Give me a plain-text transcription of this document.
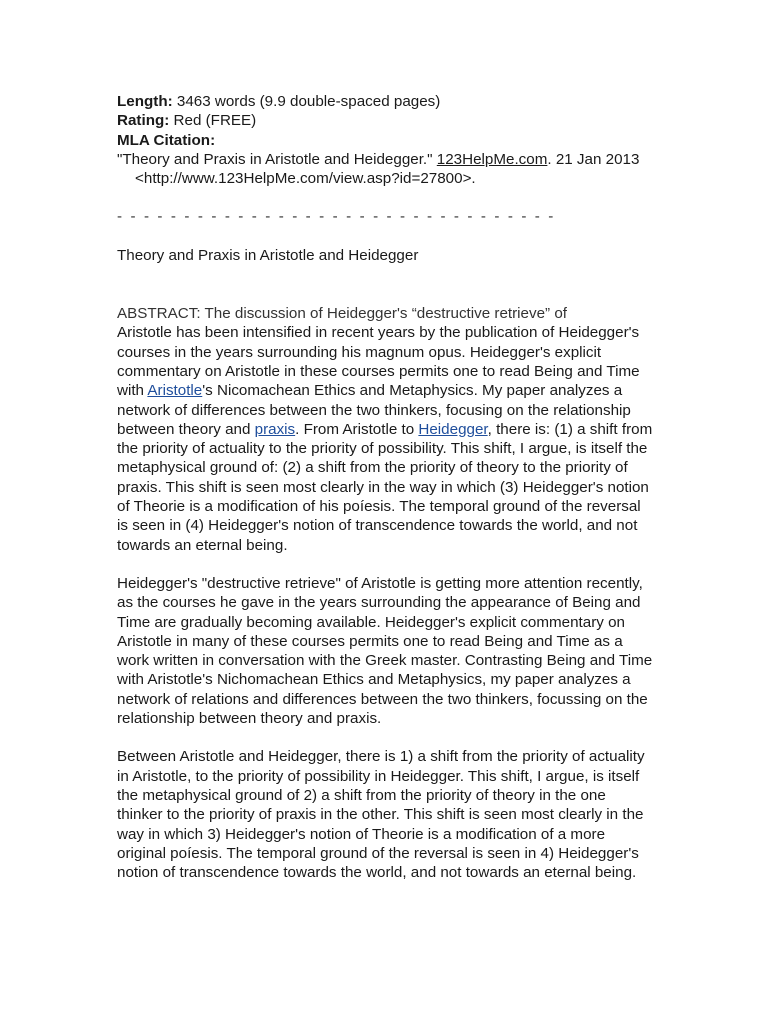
Length: 3463 words (9.9 double-spaced pages)

Rating: Red (FREE)

MLA Citation:

"Theory and Praxis in Aristotle and Heidegger." 123HelpMe.com. 21 Jan 2013

<http://www.123HelpMe.com/view.asp?id=27800>.

- - - - - - - - - - - - - - - - - - - - - - - - - - - - - - - - -

Theory and Praxis in Aristotle and Heidegger

ABSTRACT: The discussion of Heidegger's “destructive retrieve” of
Aristotle has been intensified in recent years by the publication of Heidegger's courses in the years surrounding his magnum opus. Heidegger's explicit commentary on Aristotle in these courses permits one to read Being and Time with Aristotle's Nicomachean Ethics and Metaphysics. My paper analyzes a network of differences between the two thinkers, focusing on the relationship between theory and praxis. From Aristotle to Heidegger, there is: (1) a shift from the priority of actuality to the priority of possibility. This shift, I argue, is itself the metaphysical ground of: (2) a shift from the priority of theory to the priority of praxis. This shift is seen most clearly in the way in which (3) Heidegger's notion of Theorie is a modification of his poíesis. The temporal ground of the reversal is seen in (4) Heidegger's notion of transcendence towards the world, and not towards an eternal being.

Heidegger's "destructive retrieve" of Aristotle is getting more attention recently, as the courses he gave in the years surrounding the appearance of Being and Time are gradually becoming available. Heidegger's explicit commentary on Aristotle in many of these courses permits one to read Being and Time as a work written in conversation with the Greek master. Contrasting Being and Time with Aristotle's Nichomachean Ethics and Metaphysics, my paper analyzes a network of relations and differences between the two thinkers, focussing on the relationship between theory and praxis.

Between Aristotle and Heidegger, there is 1) a shift from the priority of actuality in Aristotle, to the priority of possibility in Heidegger. This shift, I argue, is itself the metaphysical ground of 2) a shift from the priority of theory in the one thinker to the priority of praxis in the other. This shift is seen most clearly in the way in which 3) Heidegger's notion of Theorie is a modification of a more original poíesis. The temporal ground of the reversal is seen in 4) Heidegger's notion of transcendence towards the world, and not towards an eternal being.
